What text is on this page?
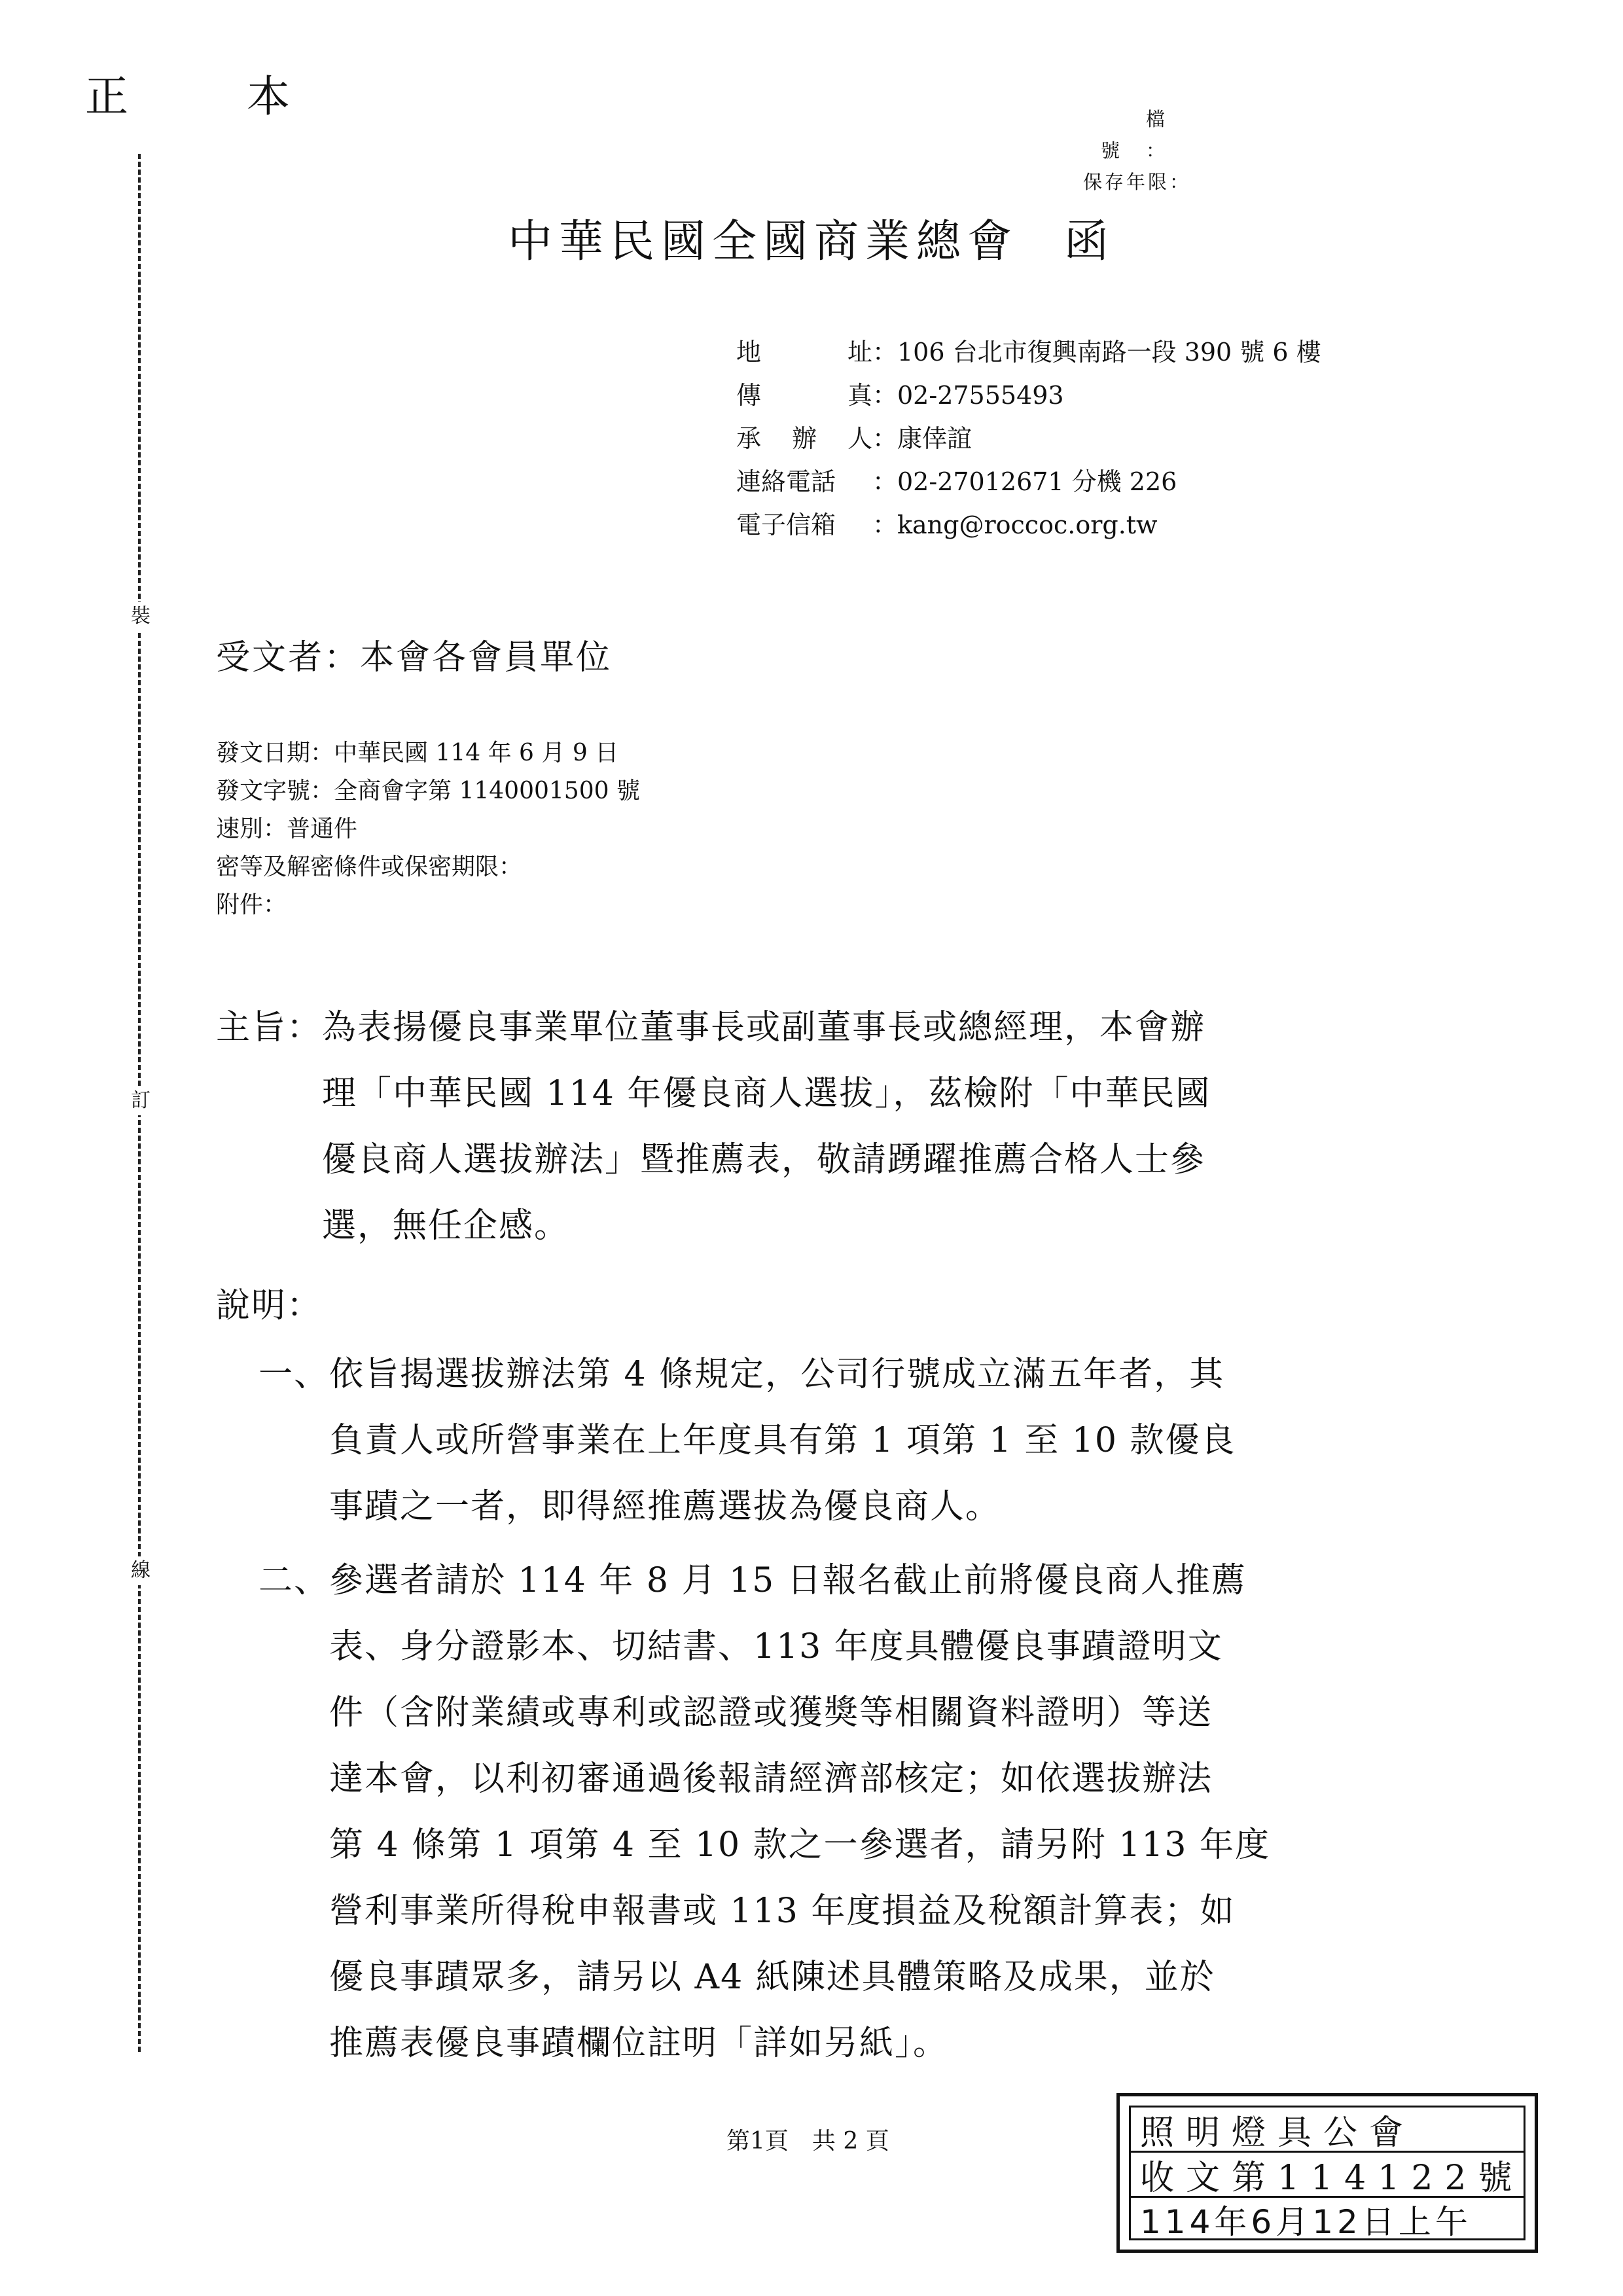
正 本	檔號：
保存年限：
裝
訂
線
中華民國全國商業總會 函
地	址 ： 106 台北市復興南路一段 390 號 6 樓
傳	真 ： 02-27555493
承 辦 人 ： 康倖誼
連絡電話	： 02-27012671 分機 226
電子信箱	： kang@roccoc.org.tw
受文者：本會各會員單位
發文日期：中華民國 114 年 6 月 9 日
發文字號：全商會字第 1140001500 號
速別：普通件
密等及解密條件或保密期限：
附件：
主旨： 為表揚優良事業單位董事長或副董事長或總經理，本會辦
理「中華民國 114 年優良商人選拔」，茲檢附「中華民國
優良商人選拔辦法」暨推薦表，敬請踴躍推薦合格人士參
選，無任企感。
說明：
一、 依旨揭選拔辦法第 4 條規定，公司行號成立滿五年者，其
負責人或所營事業在上年度具有第 1 項第 1 至 10 款優良
事蹟之一者，即得經推薦選拔為優良商人。
二、 參選者請於 114 年 8 月 15 日報名截止前將優良商人推薦
表、身分證影本、切結書、113 年度具體優良事蹟證明文
件（含附業績或專利或認證或獲獎等相關資料證明）等送
達本會，以利初審通過後報請經濟部核定；如依選拔辦法
第 4 條第 1 項第 4 至 10 款之一參選者，請另附 113 年度
營利事業所得稅申報書或 113 年度損益及稅額計算表；如
優良事蹟眾多，請另以 A4 紙陳述具體策略及成果，並於
推薦表優良事蹟欄位註明「詳如另紙」。
第1頁 共 2 頁	照明燈具公會
收文第114122號
114年6月12日上午
